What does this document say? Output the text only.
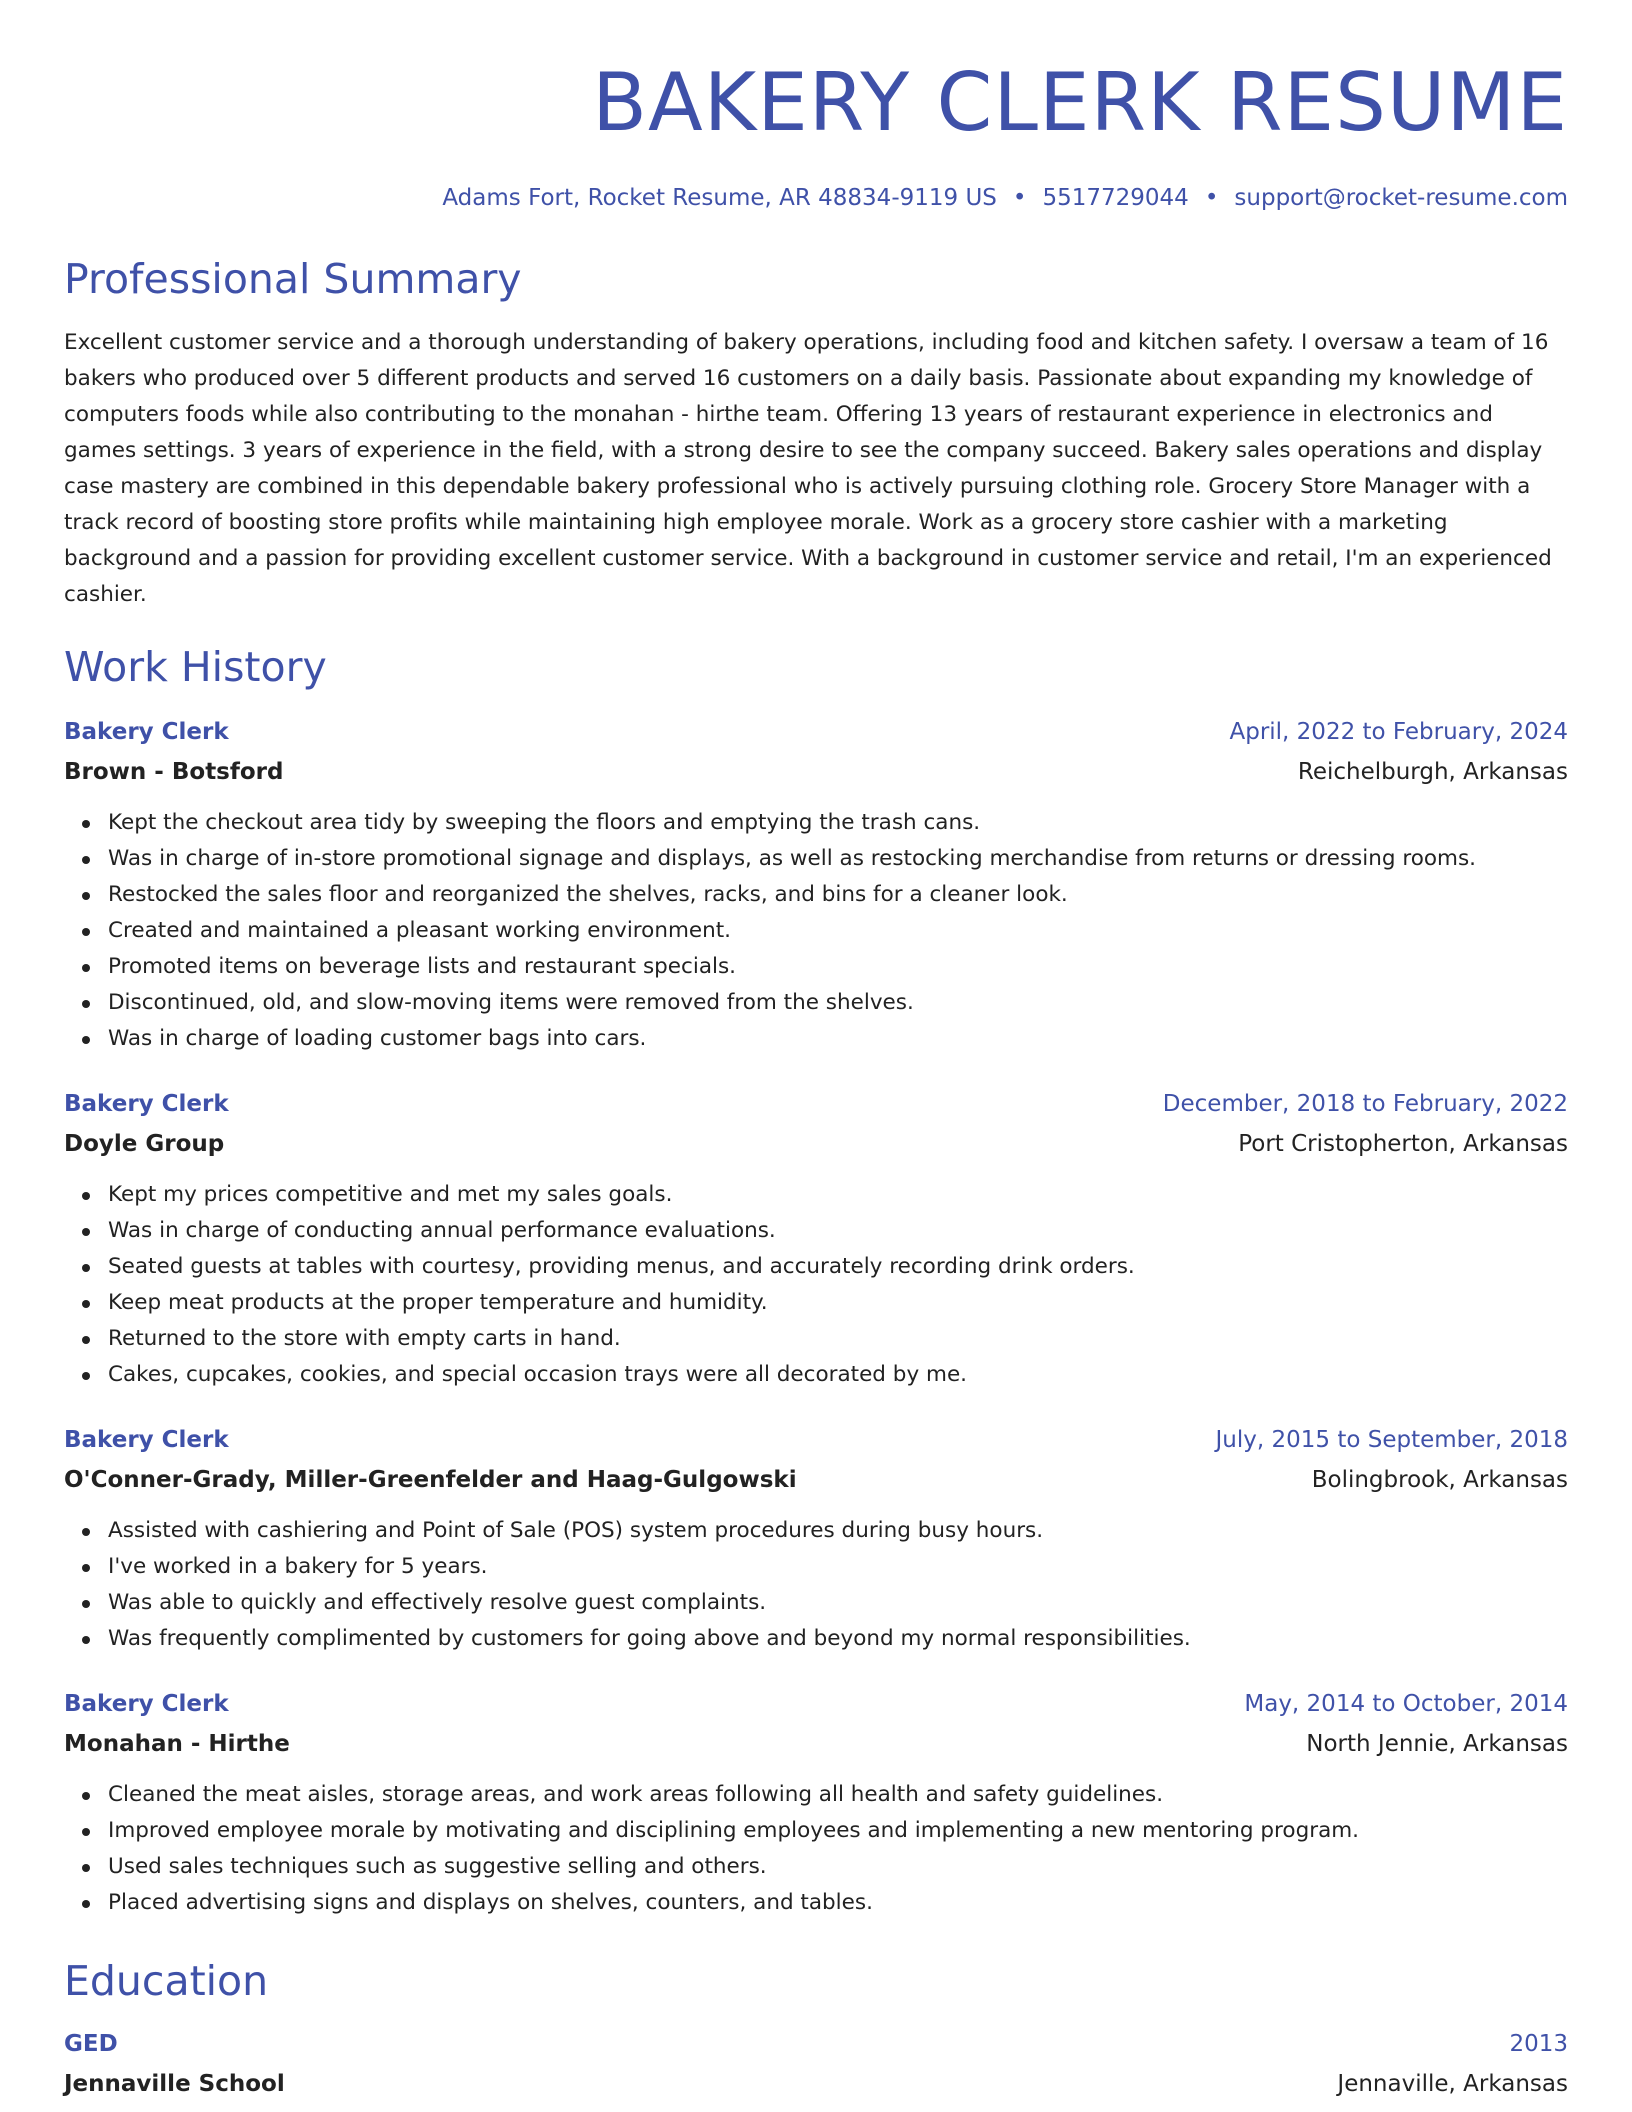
BAKERY CLERK RESUME
Adams Fort, Rocket Resume, AR 48834-9119 US • 5517729044 • support@rocket-resume.com
Professional Summary
Excellent customer service and a thorough understanding of bakery operations, including food and kitchen safety. I oversaw a team of 16 bakers who produced over 5 different products and served 16 customers on a daily basis. Passionate about expanding my knowledge of computers foods while also contributing to the monahan - hirthe team. Offering 13 years of restaurant experience in electronics and games settings. 3 years of experience in the field, with a strong desire to see the company succeed. Bakery sales operations and display case mastery are combined in this dependable bakery professional who is actively pursuing clothing role. Grocery Store Manager with a track record of boosting store profits while maintaining high employee morale. Work as a grocery store cashier with a marketing background and a passion for providing excellent customer service. With a background in customer service and retail, I'm an experienced cashier.
Work History
Bakery Clerk	April, 2022 to February, 2024
Brown - Botsford	Reichelburgh, Arkansas
Kept the checkout area tidy by sweeping the floors and emptying the trash cans.
Was in charge of in-store promotional signage and displays, as well as restocking merchandise from returns or dressing rooms.
Restocked the sales floor and reorganized the shelves, racks, and bins for a cleaner look.
Created and maintained a pleasant working environment.
Promoted items on beverage lists and restaurant specials.
Discontinued, old, and slow-moving items were removed from the shelves.
Was in charge of loading customer bags into cars.
Bakery Clerk	December, 2018 to February, 2022
Doyle Group	Port Cristopherton, Arkansas
Kept my prices competitive and met my sales goals.
Was in charge of conducting annual performance evaluations.
Seated guests at tables with courtesy, providing menus, and accurately recording drink orders.
Keep meat products at the proper temperature and humidity.
Returned to the store with empty carts in hand.
Cakes, cupcakes, cookies, and special occasion trays were all decorated by me.
Bakery Clerk	July, 2015 to September, 2018
O'Conner-Grady, Miller-Greenfelder and Haag-Gulgowski	Bolingbrook, Arkansas
Assisted with cashiering and Point of Sale (POS) system procedures during busy hours.
I've worked in a bakery for 5 years.
Was able to quickly and effectively resolve guest complaints.
Was frequently complimented by customers for going above and beyond my normal responsibilities.
Bakery Clerk	May, 2014 to October, 2014
Monahan - Hirthe	North Jennie, Arkansas
Cleaned the meat aisles, storage areas, and work areas following all health and safety guidelines.
Improved employee morale by motivating and disciplining employees and implementing a new mentoring program.
Used sales techniques such as suggestive selling and others.
Placed advertising signs and displays on shelves, counters, and tables.
Education
GED	2013
Jennaville School	Jennaville, Arkansas
